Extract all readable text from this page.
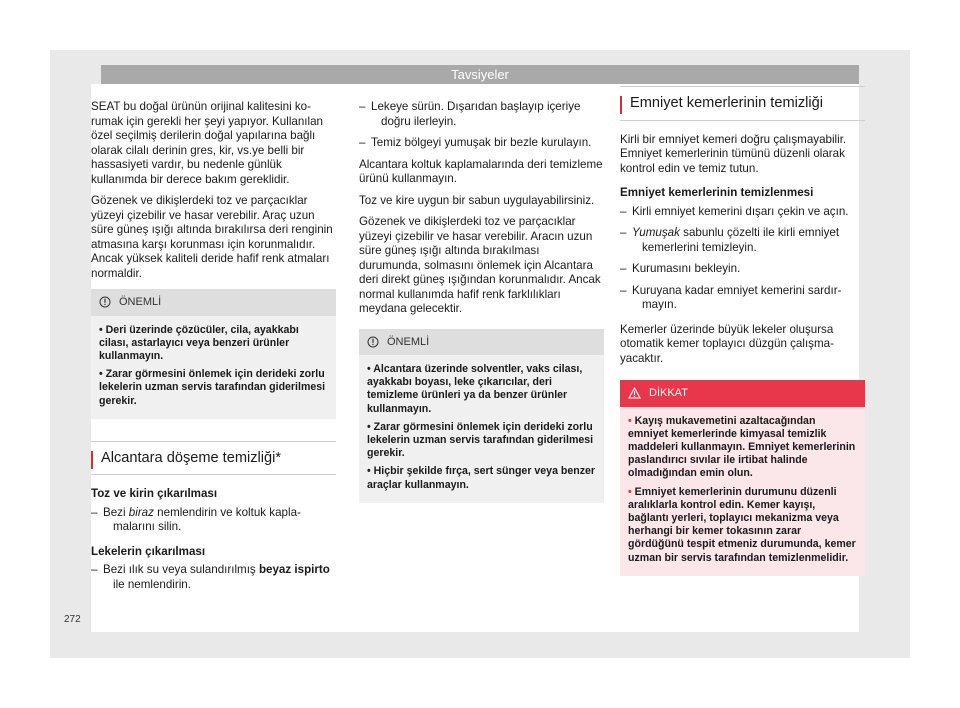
Tavsiyeler

SEAT bu doğal ürünün orijinal kalitesini korumak için gerekli her şeyi yapıyor. Kullanılan özel seçilmiş derilerin doğal yapılarına bağlı olarak cilalı derinin gres, kir, vs.ye belli bir hassasiyeti vardır, bu nedenle günlük kullanımda bir derece bakım gereklidir.

Gözenek ve dikişlerdeki toz ve parçacıklar yüzeyi çizebilir ve hasar verebilir. Araç uzun süre güneş ışığı altında bırakılırsa deri renginin atmasına karşı korunması için korunmalıdır. Ancak yüksek kaliteli deride hafif renk atmaları normaldir.

ÖNEMLİ
• Deri üzerinde çözücüler, cila, ayakkabı cilası, astarlayıcı veya benzeri ürünler kullanmayın.
• Zarar görmesini önlemek için derideki zorlu lekelerin uzman servis tarafından giderilmesi gerekir.
Alcantara döşeme temizliği*
Toz ve kirin çıkarılması
– Bezi biraz nemlendirin ve koltuk kaplamalarını silin.
Lekelerin çıkarılması
– Bezi ılık su veya sulandırılmış beyaz ispirto ile nemlendirin.
– Lekeye sürün. Dışarıdan başlayıp içeriye doğru ilerleyin.
– Temiz bölgeyi yumuşak bir bezle kurulayın.

Alcantara koltuk kaplamalarında deri temizleme ürünü kullanmayın.

Toz ve kire uygun bir sabun uygulayabilirsiniz.

Gözenek ve dikişlerdeki toz ve parçacıklar yüzeyi çizebilir ve hasar verebilir. Aracın uzun süre güneş ışığı altında bırakılması durumunda, solmasını önlemek için Alcantara deri direkt güneş ışığından korunmalıdır. Ancak normal kullanımda hafif renk farklılıkları meydana gelecektir.

ÖNEMLİ
• Alcantara üzerinde solventler, vaks cilası, ayakkabı boyası, leke çıkarıcılar, deri temizleme ürünleri ya da benzer ürünler kullanmayın.
• Zarar görmesini önlemek için derideki zorlu lekelerin uzman servis tarafından giderilmesi gerekir.
• Hiçbir şekilde fırça, sert sünger veya benzer araçlar kullanmayın.
Emniyet kemerlerinin temizliği

Kirli bir emniyet kemeri doğru çalışmayabilir. Emniyet kemerlerinin tümünü düzenli olarak kontrol edin ve temiz tutun.

Emniyet kemerlerinin temizlenmesi
– Kirli emniyet kemerini dışarı çekin ve açın.
– Yumuşak sabunlu çözelti ile kirli emniyet kemerlerini temizleyin.
– Kurumasını bekleyin.
– Kuruyana kadar emniyet kemerini sardırmayın.

Kemerler üzerinde büyük lekeler oluşursa otomatik kemer toplayıcı düzgün çalışmayacaktır.

DİKKAT
• Kayış mukavemetini azaltacağından emniyet kemerlerinde kimyasal temizlik maddeleri kullanmayın. Emniyet kemerlerinin paslandırıcı sıvılar ile irtibat halinde olmadığından emin olun.
• Emniyet kemerlerinin durumunu düzenli aralıklarla kontrol edin. Kemer kayışı, bağlantı yerleri, toplayıcı mekanizma veya herhangi bir kemer tokasının zarar gördüğünü tespit etmeniz durumunda, kemer uzman bir servis tarafından temizlenmelidir.
272
